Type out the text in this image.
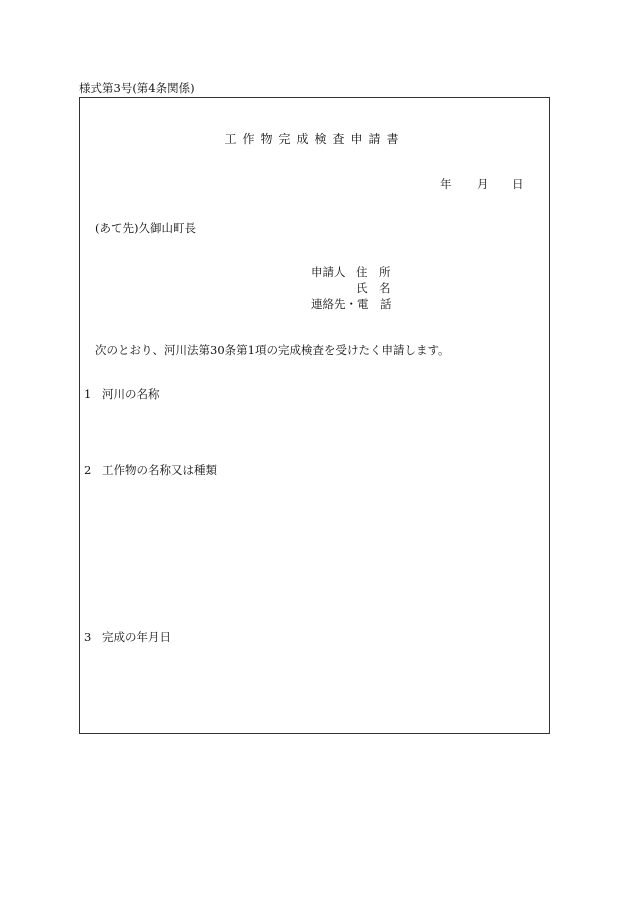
様式第3号(第4条関係)
工作物完成検査申請書
年 月 日
(あて先)久御山町長
申請人 住　所
氏　名
連絡先・電　話
次のとおり、河川法第30条第1項の完成検査を受けたく申請します。
1 河川の名称
2 工作物の名称又は種類
3 完成の年月日
